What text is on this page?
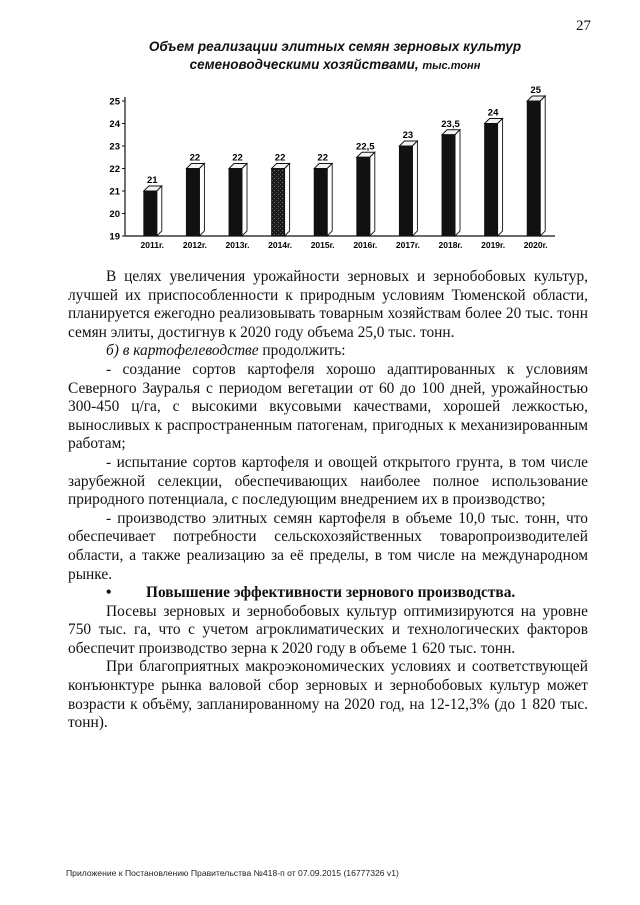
27
Объем реализации элитных семян зерновых культур
семеноводческими хозяйствами, тыс.тонн
19
20
21
22
23
24
25
21
2011г.
22
2012г.
22
2013г.
22
2014г.
22
2015г.
22,5
2016г.
23
2017г.
23,5
2018г.
24
2019г.
25
2020г.

В целях увеличения урожайности зерновых и зернобобовых культур, лучшей их приспособленности к природным условиям Тюменской области, планируется ежегодно реализовывать товарным хозяйствам более 20 тыс. тонн семян элиты, достигнув к 2020 году объема 25,0 тыс. тонн.

б) в картофелеводстве продолжить:

- создание сортов картофеля хорошо адаптированных к условиям Северного Зауралья с периодом вегетации от 60 до 100 дней, урожайностью 300-450 ц/га, с высокими вкусовыми качествами, хорошей лежкостью, выносливых к распространенным патогенам, пригодных к механизированным работам;

- испытание сортов картофеля и овощей открытого грунта, в том числе зарубежной селекции, обеспечивающих наиболее полное использование природного потенциала, с последующим внедрением их в производство;

- производство элитных семян картофеля в объеме 10,0 тыс. тонн, что обеспечивает потребности сельскохозяйственных товаропроизводителей области, а также реализацию за её пределы, в том числе на международном рынке.

• Повышение эффективности зернового производства.

Посевы зерновых и зернобобовых культур оптимизируются на уровне 750 тыс. га, что с учетом агроклиматических и технологических факторов обеспечит производство зерна к 2020 году в объеме 1 620 тыс. тонн.

При благоприятных макроэкономических условиях и соответствующей конъюнктуре рынка валовой сбор зерновых и зернобобовых культур может возрасти к объёму, запланированному на 2020 год, на 12-12,3% (до 1 820 тыс. тонн).

Приложение к Постановлению Правительства №418-п от 07.09.2015 (16777326 v1)
